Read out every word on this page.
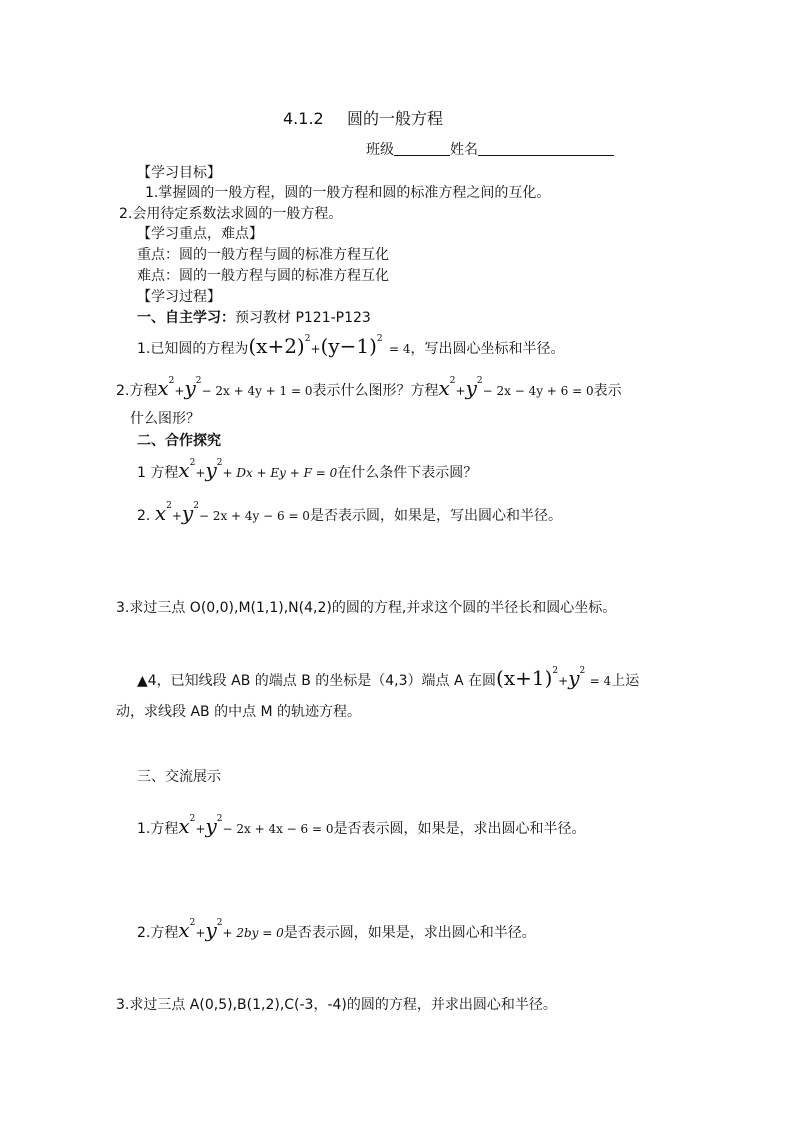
4.1.2 圆的一般方程
班级	姓名
【学习目标】
1.掌握圆的一般方程，圆的一般方程和圆的标准方程之间的互化。
2.会用待定系数法求圆的一般方程。
【学习重点，难点】
重点：圆的一般方程与圆的标准方程互化
难点：圆的一般方程与圆的标准方程互化
【学习过程】
一、自主学习：预习教材 P121-P123
1.已知圆的方程为$(x+2)^2+(y-1)^2 = 4$，写出圆心坐标和半径。
2.方程$x^2+y^2- 2x + 4y + 1 = 0$表示什么图形？方程$x^2+y^2- 2x - 4y + 6 = 0$表示
什么图形？
二、合作探究
1 方程$x^2+y^2+ Dx + Ey + F = 0$在什么条件下表示圆？
2. $x^2+y^2- 2x + 4y - 6 = 0$是否表示圆，如果是，写出圆心和半径。
3.求过三点 O(0,0),M(1,1),N(4,2)的圆的方程,并求这个圆的半径长和圆心坐标。
▲4，已知线段 AB 的端点 B 的坐标是（4,3）端点 A 在圆$(x+1)^2+y^2 = 4$上运
动，求线段 AB 的中点 M 的轨迹方程。
三、交流展示
1.方程$x^2+y^2- 2x + 4x - 6 = 0$是否表示圆，如果是，求出圆心和半径。
2.方程$x^2+y^2+ 2by = 0$是否表示圆，如果是，求出圆心和半径。
3.求过三点 A(0,5),B(1,2),C(-3，-4)的圆的方程，并求出圆心和半径。
